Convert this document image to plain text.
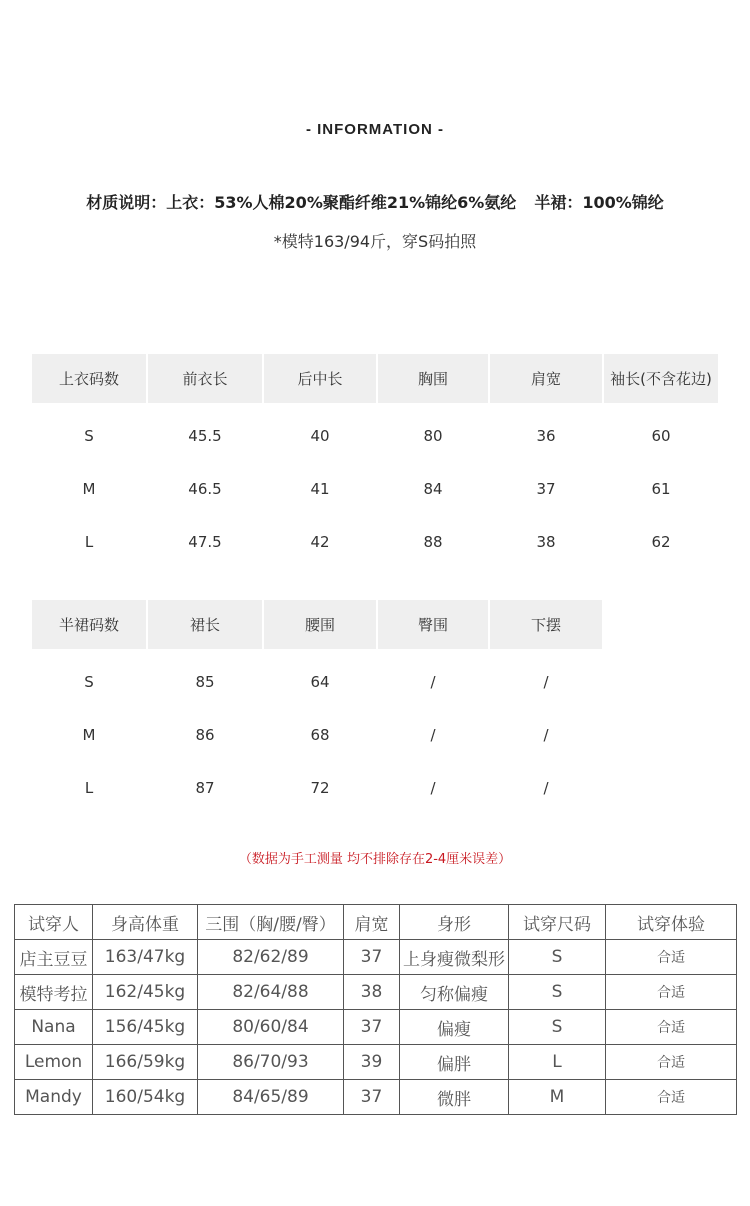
- INFORMATION -
材质说明：上衣：53%人棉20%聚酯纤维21%锦纶6%氨纶 半裙：100%锦纶
*模特163/94斤，穿S码拍照
上衣码数	前衣长	后中长	胸围	肩宽	袖长(不含花边)
S	45.5	40	80	36	60
M	46.5	41	84	37	61
L	47.5	42	88	38	62
半裙码数	裙长	腰围	臀围	下摆	
S	85	64	/	/	
M	86	68	/	/	
L	87	72	/	/	
（数据为手工测量 均不排除存在2-4厘米误差）
试穿人	身高体重	三围（胸/腰/臀）	肩宽	身形	试穿尺码	试穿体验
店主豆豆	163/47kg	82/62/89	37	上身瘦微梨形	S	合适
模特考拉	162/45kg	82/64/88	38	匀称偏瘦	S	合适
Nana	156/45kg	80/60/84	37	偏瘦	S	合适
Lemon	166/59kg	86/70/93	39	偏胖	L	合适
Mandy	160/54kg	84/65/89	37	微胖	M	合适
